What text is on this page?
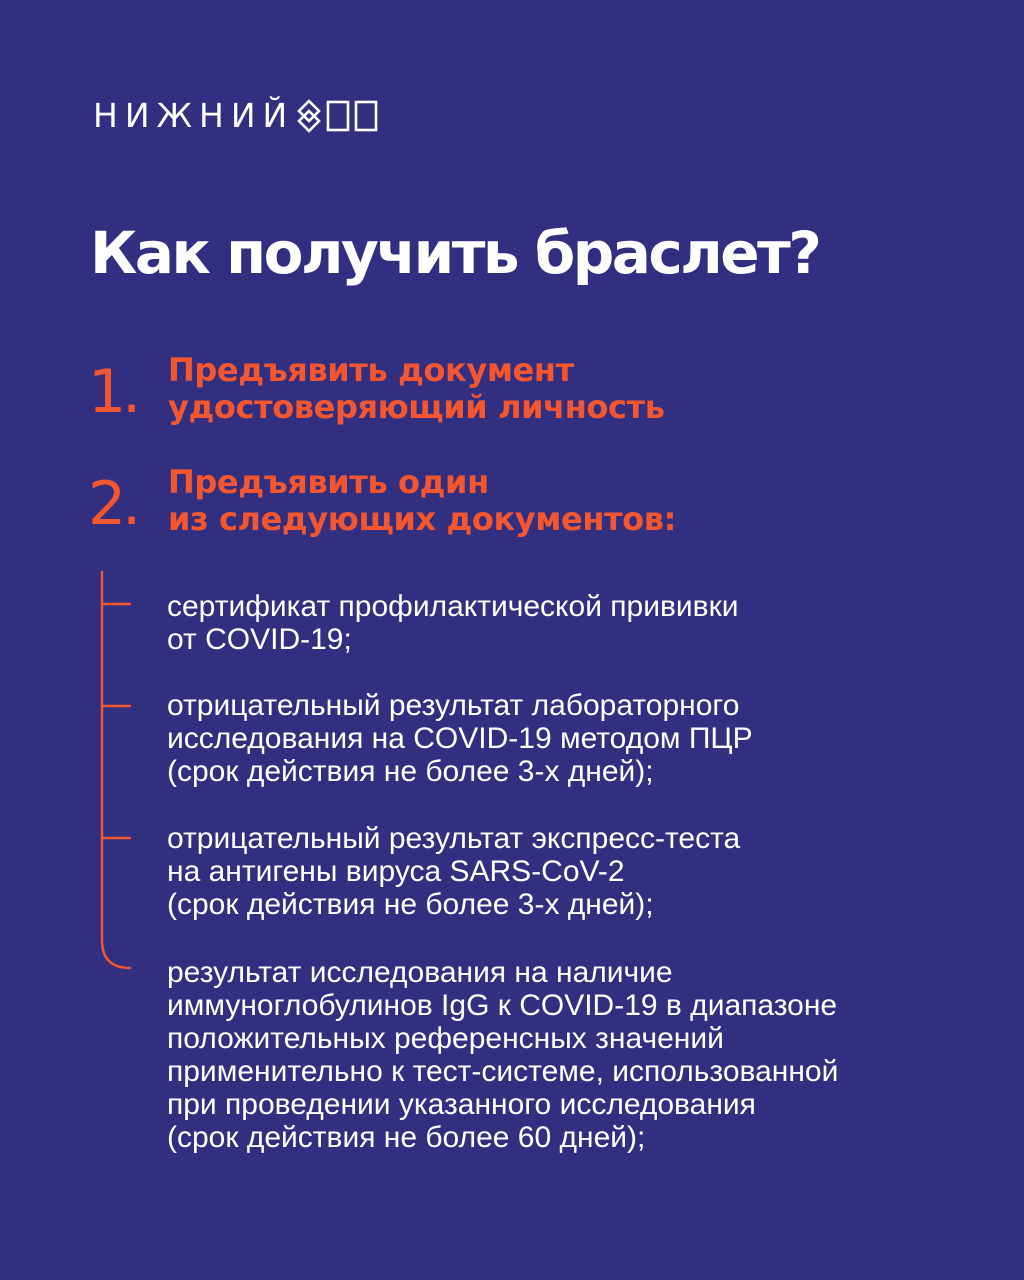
НИЖНИЙ
Как получить браслет?
1. Предъявить документ
удостоверяющий личность
2. Предъявить один
из следующих документов:
сертификат профилактической прививки
от COVID-19;
отрицательный результат лабораторного
исследования на COVID-19 методом ПЦР
(срок действия не более 3-х дней);
отрицательный результат экспресс-теста
на антигены вируса SARS-CoV-2
(срок действия не более 3-х дней);
результат исследования на наличие
иммуноглобулинов IgG к COVID-19 в диапазоне
положительных референсных значений
применительно к тест-системе, использованной
при проведении указанного исследования
(срок действия не более 60 дней);
